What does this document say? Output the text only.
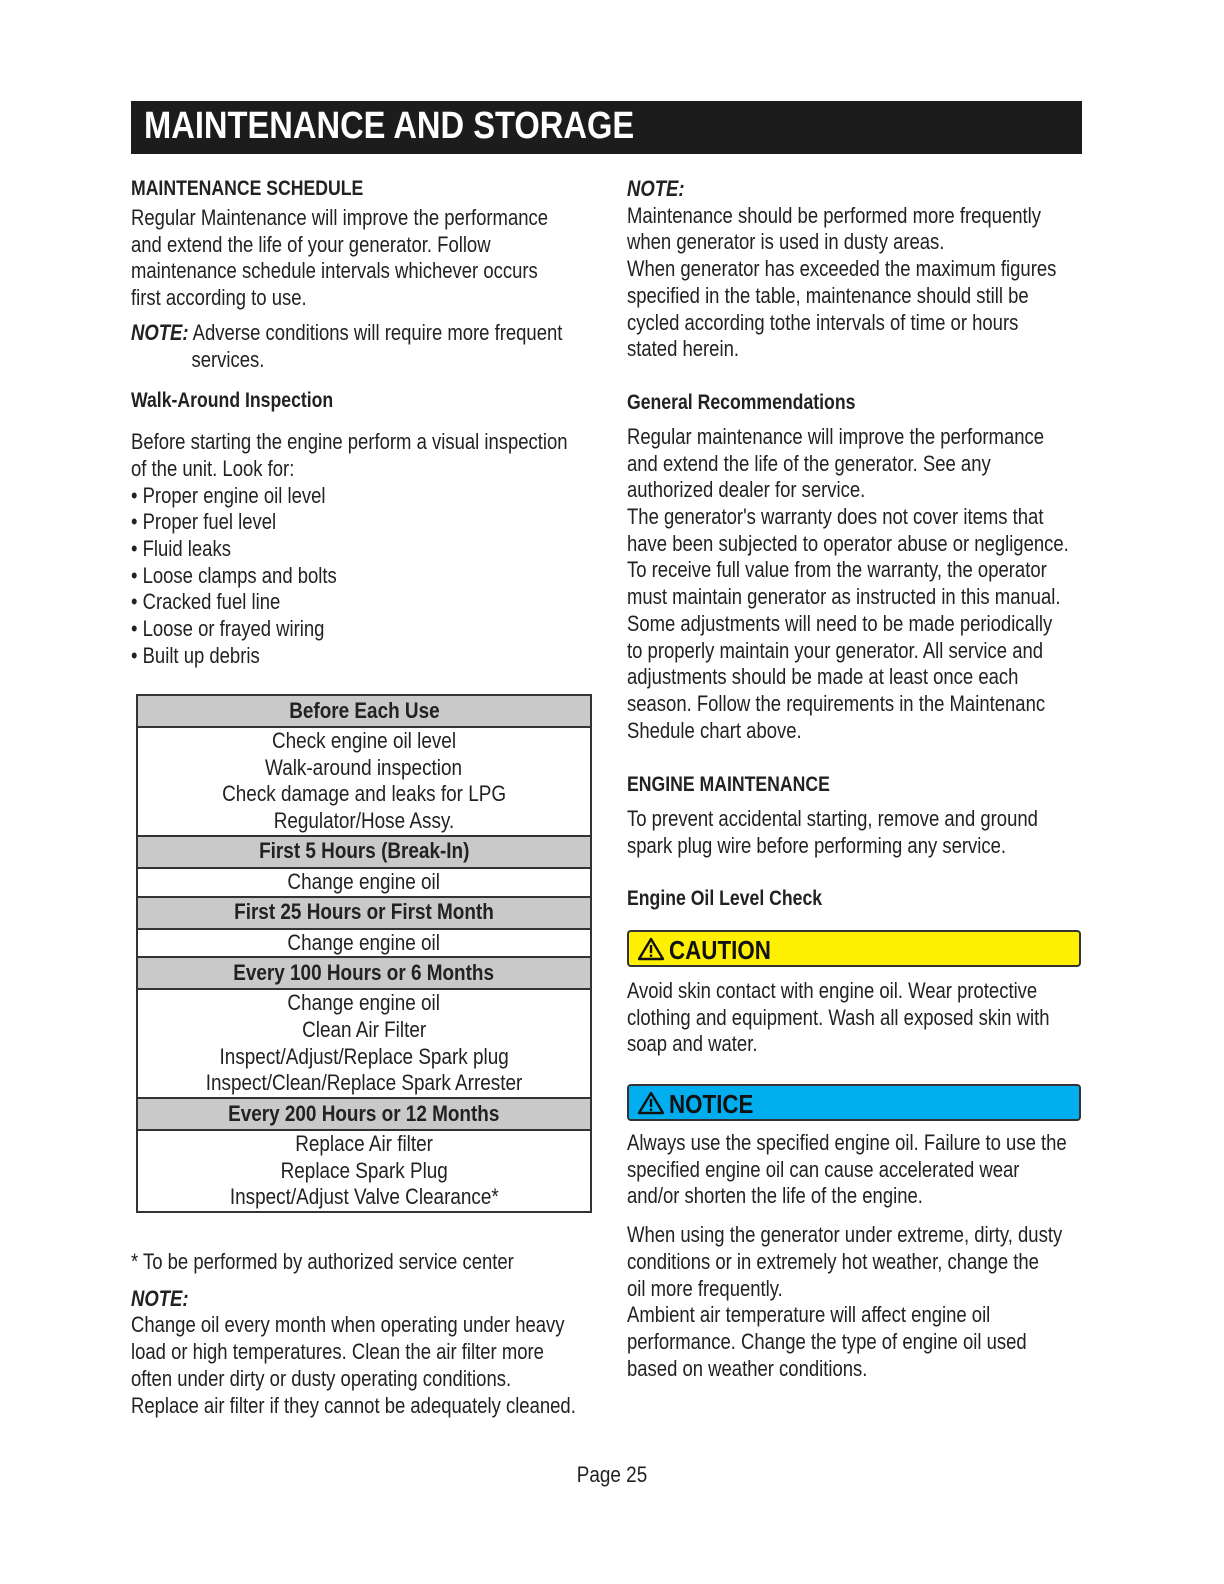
MAINTENANCE AND STORAGE
MAINTENANCE SCHEDULE
Regular Maintenance will improve the performance
and extend the life of your generator. Follow
maintenance schedule intervals whichever occurs
first according to use.
NOTE: Adverse conditions will require more frequent
services.
Walk-Around Inspection
Before starting the engine perform a visual inspection
of the unit. Look for:
• Proper engine oil level
• Proper fuel level
• Fluid leaks
• Loose clamps and bolts
• Cracked fuel line
• Loose or frayed wiring
• Built up debris
Before Each Use

Check engine oil level
Walk-around inspection
Check damage and leaks for LPG
Regulator/Hose Assy.

First 5 Hours (Break-In)

Change engine oil

First 25 Hours or First Month

Change engine oil

Every 100 Hours or 6 Months

Change engine oil
Clean Air Filter
Inspect/Adjust/Replace Spark plug
Inspect/Clean/Replace Spark Arrester

Every 200 Hours or 12 Months

Replace Air filter
Replace Spark Plug
Inspect/Adjust Valve Clearance*
* To be performed by authorized service center
NOTE:
Change oil every month when operating under heavy
load or high temperatures. Clean the air filter more
often under dirty or dusty operating conditions.
Replace air filter if they cannot be adequately cleaned.
NOTE:
Maintenance should be performed more frequently
when generator is used in dusty areas.
When generator has exceeded the maximum figures
specified in the table, maintenance should still be
cycled according tothe intervals of time or hours
stated herein.
General Recommendations
Regular maintenance will improve the performance
and extend the life of the generator. See any
authorized dealer for service.
The generator's warranty does not cover items that
have been subjected to operator abuse or negligence.
To receive full value from the warranty, the operator
must maintain generator as instructed in this manual.
Some adjustments will need to be made periodically
to properly maintain your generator. All service and
adjustments should be made at least once each
season. Follow the requirements in the Maintenanc
Shedule chart above.
ENGINE MAINTENANCE
To prevent accidental starting, remove and ground
spark plug wire before performing any service.
Engine Oil Level Check
CAUTION
Avoid skin contact with engine oil. Wear protective
clothing and equipment. Wash all exposed skin with
soap and water.
NOTICE
Always use the specified engine oil. Failure to use the
specified engine oil can cause accelerated wear
and/or shorten the life of the engine.
When using the generator under extreme, dirty, dusty
conditions or in extremely hot weather, change the
oil more frequently.
Ambient air temperature will affect engine oil
performance. Change the type of engine oil used
based on weather conditions.
Page 25
